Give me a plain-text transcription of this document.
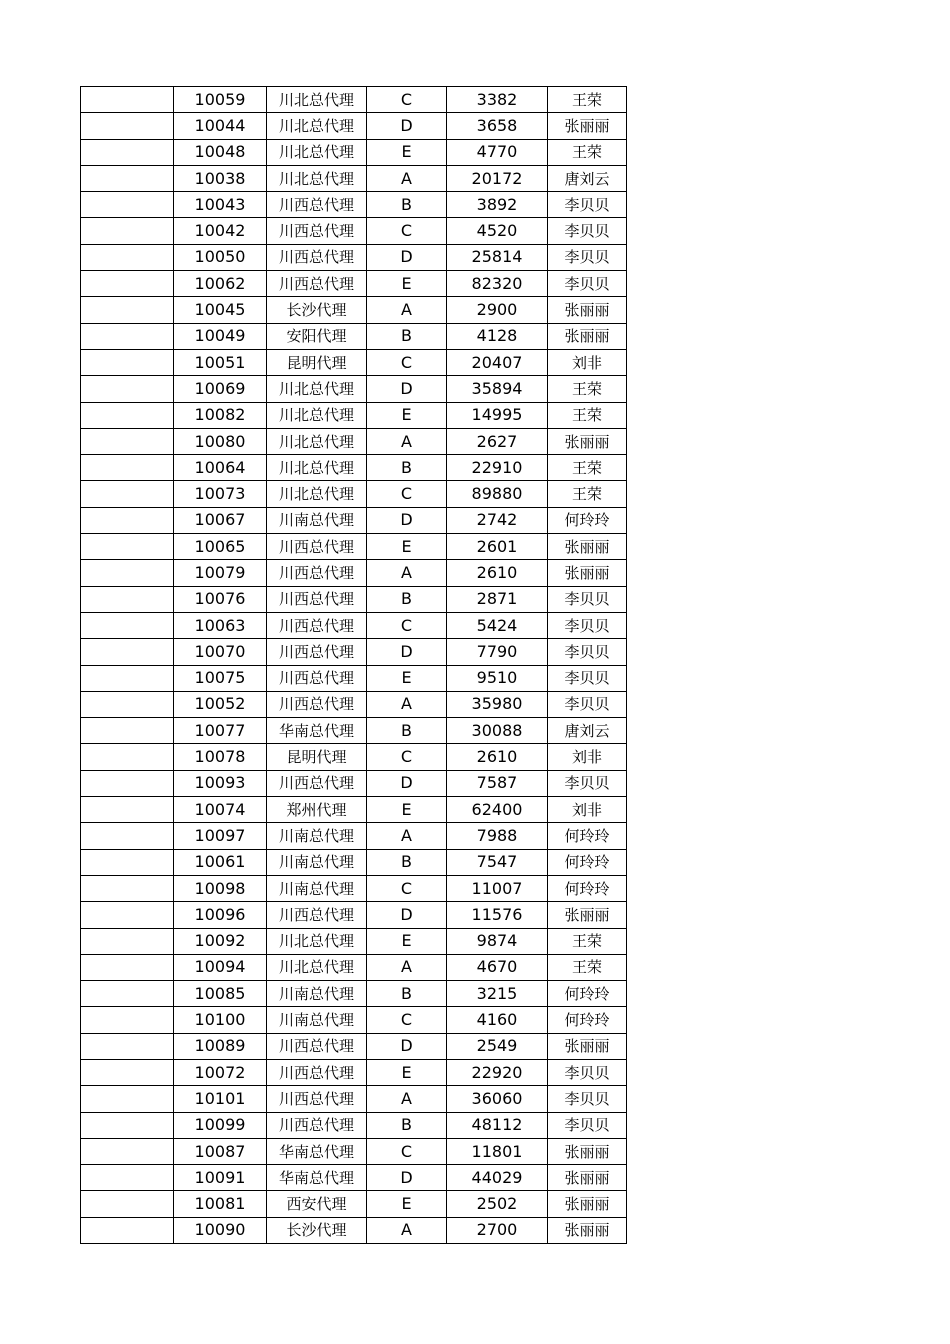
	10059	川北总代理	C	3382	王荣
	10044	川北总代理	D	3658	张丽丽
	10048	川北总代理	E	4770	王荣
	10038	川北总代理	A	20172	唐刘云
	10043	川西总代理	B	3892	李贝贝
	10042	川西总代理	C	4520	李贝贝
	10050	川西总代理	D	25814	李贝贝
	10062	川西总代理	E	82320	李贝贝
	10045	长沙代理	A	2900	张丽丽
	10049	安阳代理	B	4128	张丽丽
	10051	昆明代理	C	20407	刘非
	10069	川北总代理	D	35894	王荣
	10082	川北总代理	E	14995	王荣
	10080	川北总代理	A	2627	张丽丽
	10064	川北总代理	B	22910	王荣
	10073	川北总代理	C	89880	王荣
	10067	川南总代理	D	2742	何玲玲
	10065	川西总代理	E	2601	张丽丽
	10079	川西总代理	A	2610	张丽丽
	10076	川西总代理	B	2871	李贝贝
	10063	川西总代理	C	5424	李贝贝
	10070	川西总代理	D	7790	李贝贝
	10075	川西总代理	E	9510	李贝贝
	10052	川西总代理	A	35980	李贝贝
	10077	华南总代理	B	30088	唐刘云
	10078	昆明代理	C	2610	刘非
	10093	川西总代理	D	7587	李贝贝
	10074	郑州代理	E	62400	刘非
	10097	川南总代理	A	7988	何玲玲
	10061	川南总代理	B	7547	何玲玲
	10098	川南总代理	C	11007	何玲玲
	10096	川西总代理	D	11576	张丽丽
	10092	川北总代理	E	9874	王荣
	10094	川北总代理	A	4670	王荣
	10085	川南总代理	B	3215	何玲玲
	10100	川南总代理	C	4160	何玲玲
	10089	川西总代理	D	2549	张丽丽
	10072	川西总代理	E	22920	李贝贝
	10101	川西总代理	A	36060	李贝贝
	10099	川西总代理	B	48112	李贝贝
	10087	华南总代理	C	11801	张丽丽
	10091	华南总代理	D	44029	张丽丽
	10081	西安代理	E	2502	张丽丽
	10090	长沙代理	A	2700	张丽丽
